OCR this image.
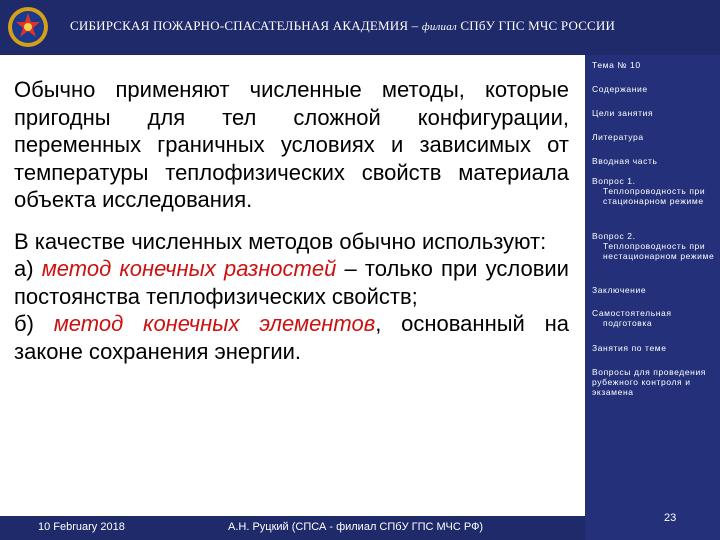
СИБИРСКАЯ ПОЖАРНО-СПАСАТЕЛЬНАЯ АКАДЕМИЯ – филиал СПбУ ГПС МЧС РОССИИ
Тема № 10
Содержание
Цели занятия
Литература
Вводная часть
Вопрос 1.
Теплопроводность при стационарном режиме
Вопрос 2.
Теплопроводность при нестационарном режиме
Заключение
Самостоятельная
подготовка
Занятия по теме
Вопросы для проведения рубежного контроля и экзамена

Обычно применяют численные методы, которые пригодны для тел сложной конфигурации, переменных граничных условиях и зависимых от температуры теплофизических свойств материала объекта исследования.

В качестве численных методов обычно используют:
а) метод конечных разностей – только при условии постоянства теплофизических свойств;
б) метод конечных элементов, основанный на законе сохранения энергии.

10 February 2018	А.Н. Руцкий (СПСА - филиал СПбУ ГПС МЧС РФ)
23
